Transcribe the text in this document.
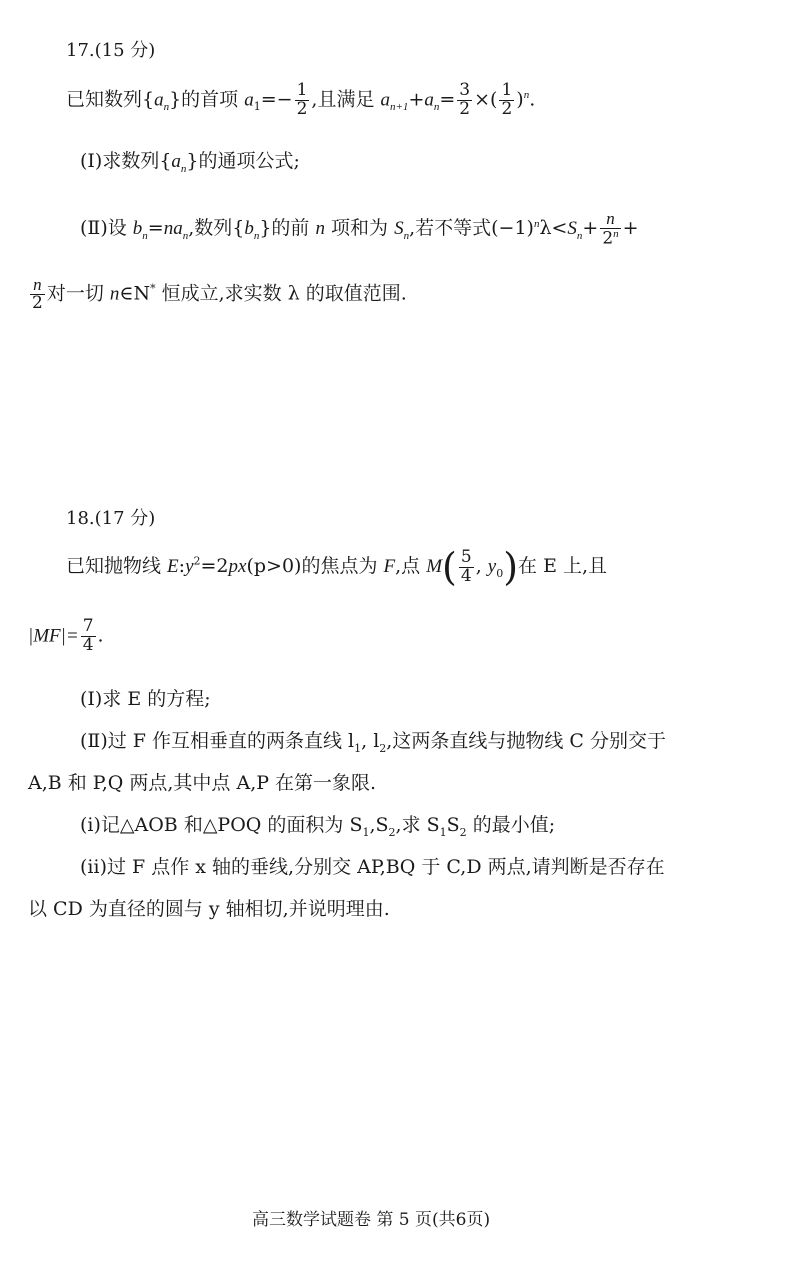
17.(15 分)
已知数列$\{a_n\}$的首项 $a_1=- \frac{1}{2}$ ,且满足 $a_{n+1}+a_n= \frac{3}{2}$ ×( $\frac{1}{2} )^n$.
(Ⅰ)求数列$\{a_n\}$的通项公式;
(Ⅱ)设 $b_n=na_n$,数列$\{b_n\}$的前 n 项和为 $S_n$,若不等式$(-1)^n\lambda<S_n+ \frac{n}{2^n}$ +
$\frac{n}{2}$ 对一切 n∈N* 恒成立,求实数 λ 的取值范围.
18.(17 分)
已知抛物线 $E:y^2=2px(p>0)$的焦点为 F,点 $M( \frac{5}{4}$ , $y_0$)在 E 上,且
$|MF|= \frac{7}{4}$ .
(Ⅰ)求 E 的方程;
(Ⅱ)过 F 作互相垂直的两条直线 $l_1$, $l_2$,这两条直线与抛物线 C 分别交于
A,B 和 P,Q 两点,其中点 A,P 在第一象限.
(ⅰ)记△AOB 和△POQ 的面积为 $S_1,S_2$,求 $S_1S_2$ 的最小值;
(ⅱ)过 F 点作 x 轴的垂线,分别交 AP,BQ 于 C,D 两点,请判断是否存在
以 CD 为直径的圆与 y 轴相切,并说明理由.
高三数学试题卷 第 5 页(共6页)
